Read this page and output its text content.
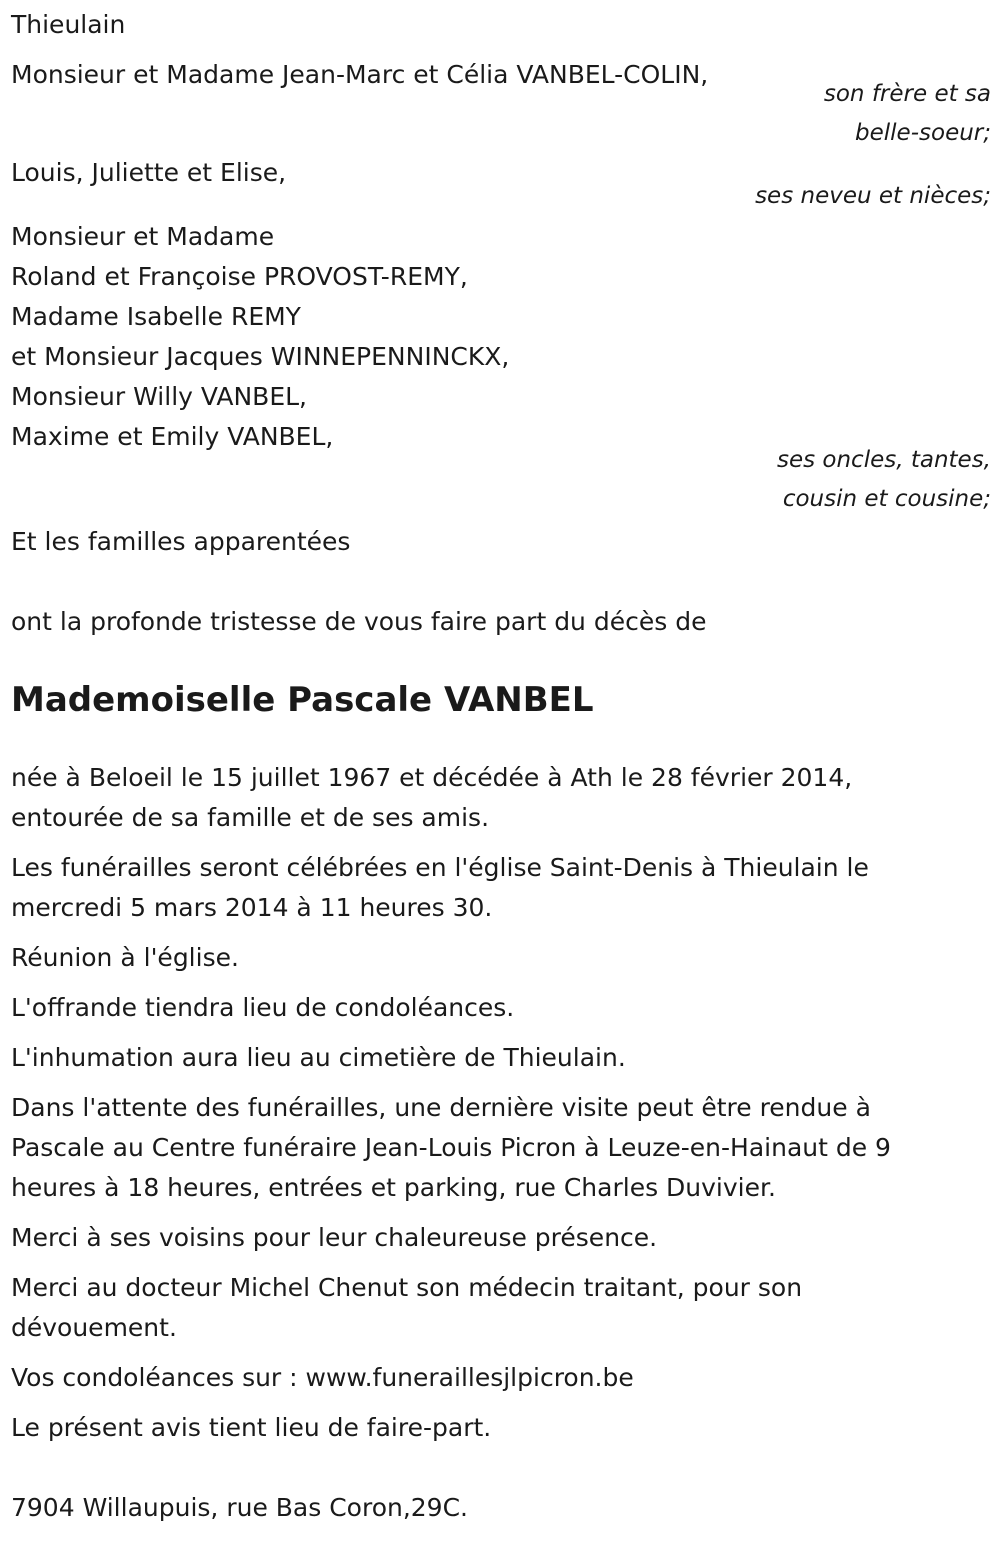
Thieulain
Monsieur et Madame Jean-Marc et Célia VANBEL-COLIN,
son frère et sa
belle-soeur;
Louis, Juliette et Elise,
ses neveu et nièces;
Monsieur et Madame
Roland et Françoise PROVOST-REMY,
Madame Isabelle REMY
et Monsieur Jacques WINNEPENNINCKX,
Monsieur Willy VANBEL,
Maxime et Emily VANBEL,
ses oncles, tantes,
cousin et cousine;
Et les familles apparentées
ont la profonde tristesse de vous faire part du décès de
Mademoiselle Pascale VANBEL
née à Beloeil le 15 juillet 1967 et décédée à Ath le 28 février 2014,
entourée de sa famille et de ses amis.
Les funérailles seront célébrées en l'église Saint-Denis à Thieulain le
mercredi 5 mars 2014 à 11 heures 30.
Réunion à l'église.
L'offrande tiendra lieu de condoléances.
L'inhumation aura lieu au cimetière de Thieulain.
Dans l'attente des funérailles, une dernière visite peut être rendue à
Pascale au Centre funéraire Jean-Louis Picron à Leuze-en-Hainaut de 9
heures à 18 heures, entrées et parking, rue Charles Duvivier.
Merci à ses voisins pour leur chaleureuse présence.
Merci au docteur Michel Chenut son médecin traitant, pour son
dévouement.
Vos condoléances sur : www.funeraillesjlpicron.be
Le présent avis tient lieu de faire-part.
7904 Willaupuis, rue Bas Coron,29C.
